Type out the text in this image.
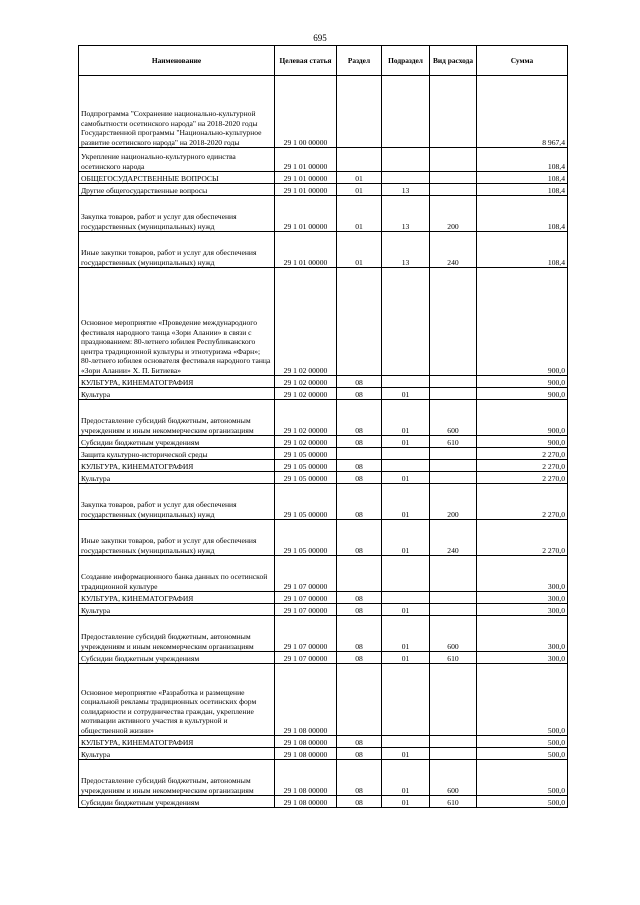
695
Наименование	Целевая статья	Раздел	Подраздел	Вид расхода	Сумма
Подпрограмма "Сохранение национально-культурной самобытности осетинского народа" на 2018-2020 годы Государственной программы "Национально-культурное развитие осетинского народа" на 2018-2020 годы	29 1 00 00000				8 967,4
Укрепление национально-культурного единства осетинского народа	29 1 01 00000				108,4
ОБЩЕГОСУДАРСТВЕННЫЕ ВОПРОСЫ	29 1 01 00000	01			108,4
Другие общегосударственные вопросы	29 1 01 00000	01	13		108,4
Закупка товаров, работ и услуг для обеспечения государственных (муниципальных) нужд	29 1 01 00000	01	13	200	108,4
Иные закупки товаров, работ и услуг для обеспечения государственных (муниципальных) нужд	29 1 01 00000	01	13	240	108,4
Основное мероприятие «Проведение международного фестиваля народного танца «Зори Алании» в связи с празднованием: 80-летнего юбилея Республиканского центра традиционной культуры и этнотуризма «Фарн»; 80-летнего юбилея основателя фестиваля народного танца «Зори Алании» Х. П. Битиева»	29 1 02 00000				900,0
КУЛЬТУРА, КИНЕМАТОГРАФИЯ	29 1 02 00000	08			900,0
Культура	29 1 02 00000	08	01		900,0
Предоставление субсидий бюджетным, автономным учреждениям и иным некоммерческим организациям	29 1 02 00000	08	01	600	900,0
Субсидии бюджетным учреждениям	29 1 02 00000	08	01	610	900,0
Защита культурно-исторической среды	29 1 05 00000				2 270,0
КУЛЬТУРА, КИНЕМАТОГРАФИЯ	29 1 05 00000	08			2 270,0
Культура	29 1 05 00000	08	01		2 270,0
Закупка товаров, работ и услуг для обеспечения государственных (муниципальных) нужд	29 1 05 00000	08	01	200	2 270,0
Иные закупки товаров, работ и услуг для обеспечения государственных (муниципальных) нужд	29 1 05 00000	08	01	240	2 270,0
Создание информационного банка данных по осетинской традиционной культуре	29 1 07 00000				300,0
КУЛЬТУРА, КИНЕМАТОГРАФИЯ	29 1 07 00000	08			300,0
Культура	29 1 07 00000	08	01		300,0
Предоставление субсидий бюджетным, автономным учреждениям и иным некоммерческим организациям	29 1 07 00000	08	01	600	300,0
Субсидии бюджетным учреждениям	29 1 07 00000	08	01	610	300,0
Основное мероприятие «Разработка и размещение социальной рекламы традиционных осетинских форм солидарности и сотрудничества граждан, укрепление мотивации активного участия в культурной и общественной жизни»	29 1 08 00000				500,0
КУЛЬТУРА, КИНЕМАТОГРАФИЯ	29 1 08 00000	08			500,0
Культура	29 1 08 00000	08	01		500,0
Предоставление субсидий бюджетным, автономным учреждениям и иным некоммерческим организациям	29 1 08 00000	08	01	600	500,0
Субсидии бюджетным учреждениям	29 1 08 00000	08	01	610	500,0
